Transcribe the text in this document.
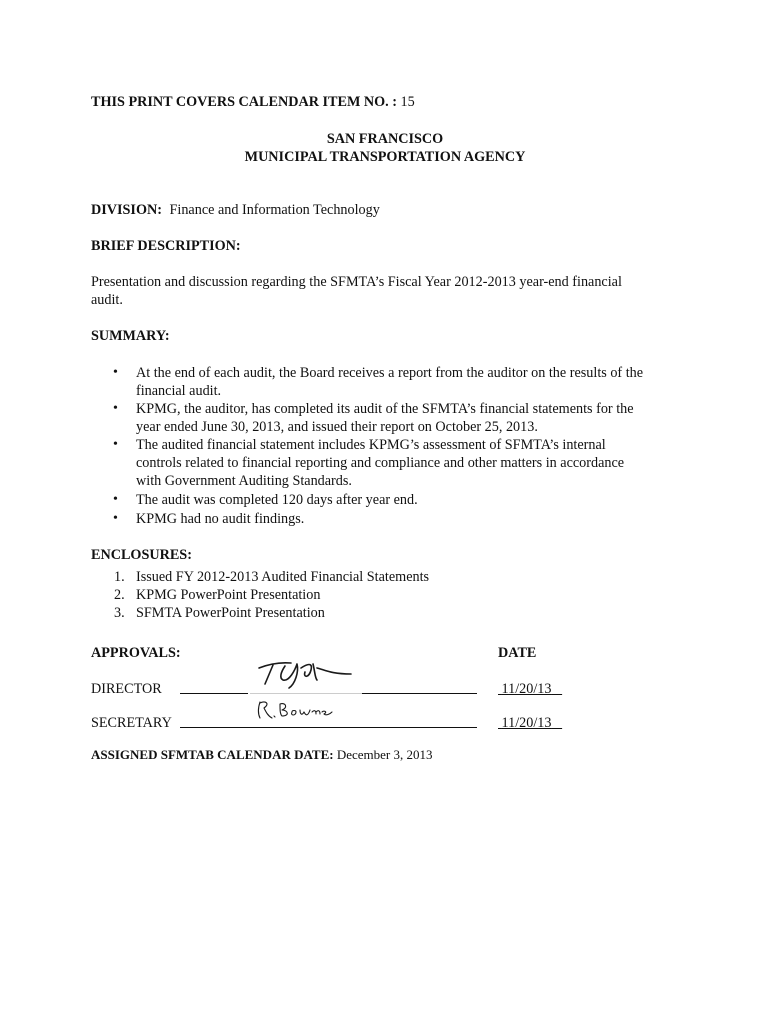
THIS PRINT COVERS CALENDAR ITEM NO. : 15
SAN FRANCISCO
MUNICIPAL TRANSPORTATION AGENCY
DIVISION: Finance and Information Technology
BRIEF DESCRIPTION:
Presentation and discussion regarding the SFMTA’s Fiscal Year 2012-2013 year-end financial
audit.
SUMMARY:
• At the end of each audit, the Board receives a report from the auditor on the results of the
financial audit.
• KPMG, the auditor, has completed its audit of the SFMTA’s financial statements for the
year ended June 30, 2013, and issued their report on October 25, 2013.
• The audited financial statement includes KPMG’s assessment of SFMTA’s internal
controls related to financial reporting and compliance and other matters in accordance
with Government Auditing Standards.
• The audit was completed 120 days after year end.
• KPMG had no audit findings.
ENCLOSURES:
1. Issued FY 2012-2013 Audited Financial Statements
2. KPMG PowerPoint Presentation
3. SFMTA PowerPoint Presentation
APPROVALS:	DATE
DIRECTOR	11/20/13
SECRETARY	11/20/13
ASSIGNED SFMTAB CALENDAR DATE: December 3, 2013
